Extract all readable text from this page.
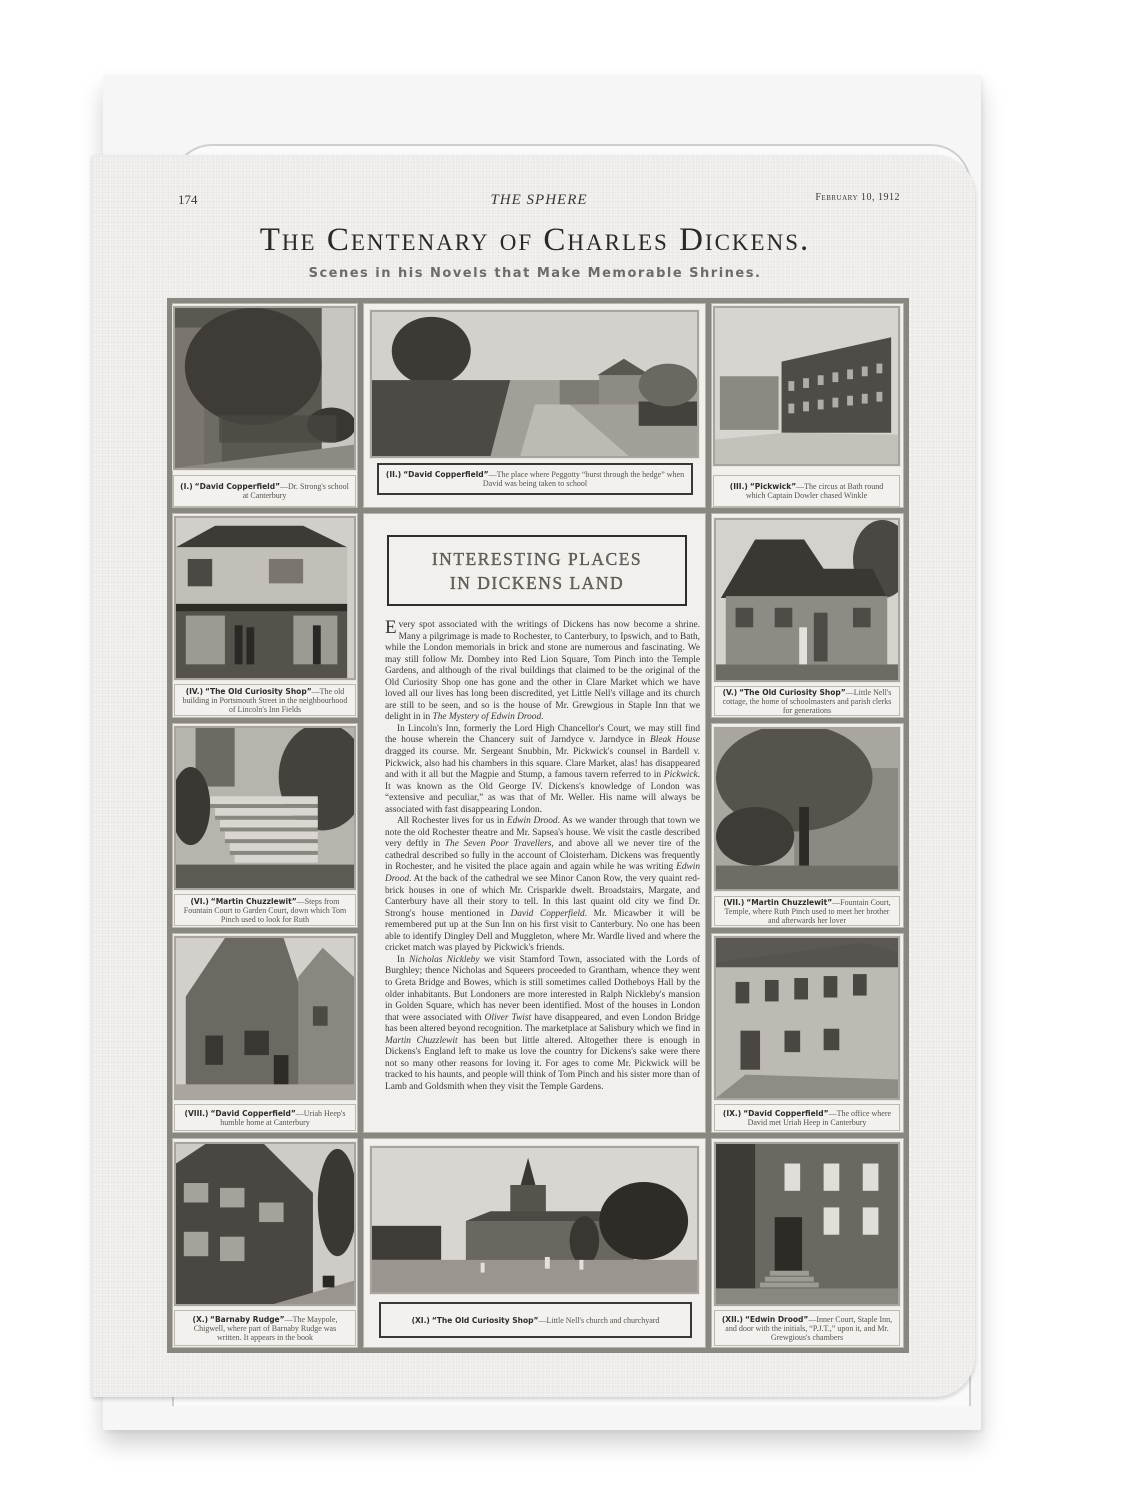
174	THE SPHERE	February 10, 1912
The Centenary of Charles Dickens.
Scenes in his Novels that Make Memorable Shrines.
(I.) “David Copperfield”—Dr. Strong's school at Canterbury
(II.) “David Copperfield”—The place where Peggotty “burst through the hedge” when David was being taken to school	(III.) “Pickwick”—The circus at Bath round which Captain Dowler chased Winkle
(IV.) “The Old Curiosity Shop”—The old building in Portsmouth Street in the neighbourhood of Lincoln's Inn Fields
(VI.) “Martin Chuzzlewit”—Steps from Fountain Court to Garden Court, down which Tom Pinch used to look for Ruth
(VIII.) “David Copperfield”—Uriah Heep's humble home at Canterbury
(X.) “Barnaby Rudge”—The Maypole, Chigwell, where part of Barnaby Rudge was written. It appears in the book
(V.) “The Old Curiosity Shop”—Little Nell's cottage, the home of schoolmasters and parish clerks for generations
(VII.) “Martin Chuzzlewit”—Fountain Court, Temple, where Ruth Pinch used to meet her brother and afterwards her lover
(IX.) “David Copperfield”—The office where David met Uriah Heep in Canterbury
(XII.) “Edwin Drood”—Inner Court, Staple Inn, and door with the initials, “P.J.T.,” upon it, and Mr. Grewgious's chambers
INTERESTING PLACES
IN DICKENS LAND

Every spot associated with the writings of Dickens has now become a shrine. Many a pilgrimage is made to Rochester, to Canterbury, to Ipswich, and to Bath, while the London memorials in brick and stone are numerous and fascinating. We may still follow Mr. Dombey into Red Lion Square, Tom Pinch into the Temple Gardens, and although of the rival buildings that claimed to be the original of the Old Curiosity Shop one has gone and the other in Clare Market which we have loved all our lives has long been discredited, yet Little Nell's village and its church are still to be seen, and so is the house of Mr. Grewgious in Staple Inn that we delight in in The Mystery of Edwin Drood.

In Lincoln's Inn, formerly the Lord High Chancellor's Court, we may still find the house wherein the Chancery suit of Jarndyce v. Jarndyce in Bleak House dragged its course. Mr. Sergeant Snubbin, Mr. Pickwick's counsel in Bardell v. Pickwick, also had his chambers in this square. Clare Market, alas! has disappeared and with it all but the Magpie and Stump, a famous tavern referred to in Pickwick. It was known as the Old George IV. Dickens's knowledge of London was “extensive and peculiar,” as was that of Mr. Weller. His name will always be associated with fast disappearing London.

All Rochester lives for us in Edwin Drood. As we wander through that town we note the old Rochester theatre and Mr. Sapsea's house. We visit the castle described very deftly in The Seven Poor Travellers, and above all we never tire of the cathedral described so fully in the account of Cloisterham. Dickens was frequently in Rochester, and he visited the place again and again while he was writing Edwin Drood. At the back of the cathedral we see Minor Canon Row, the very quaint red-brick houses in one of which Mr. Crisparkle dwelt. Broadstairs, Margate, and Canterbury have all their story to tell. In this last quaint old city we find Dr. Strong's house mentioned in David Copperfield. Mr. Micawber it will be remembered put up at the Sun Inn on his first visit to Canterbury. No one has been able to identify Dingley Dell and Muggleton, where Mr. Wardle lived and where the cricket match was played by Pickwick's friends.

In Nicholas Nickleby we visit Stamford Town, associated with the Lords of Burghley; thence Nicholas and Squeers proceeded to Grantham, whence they went to Greta Bridge and Bowes, which is still sometimes called Dotheboys Hall by the older inhabitants. But Londoners are more interested in Ralph Nickleby's mansion in Golden Square, which has never been identified. Most of the houses in London that were associated with Oliver Twist have disappeared, and even London Bridge has been altered beyond recognition. The marketplace at Salisbury which we find in Martin Chuzzlewit has been but little altered. Altogether there is enough in Dickens's England left to make us love the country for Dickens's sake were there not so many other reasons for loving it. For ages to come Mr. Pickwick will be tracked to his haunts, and people will think of Tom Pinch and his sister more than of Lamb and Goldsmith when they visit the Temple Gardens.

(XI.) “The Old Curiosity Shop”—Little Nell's church and churchyard
